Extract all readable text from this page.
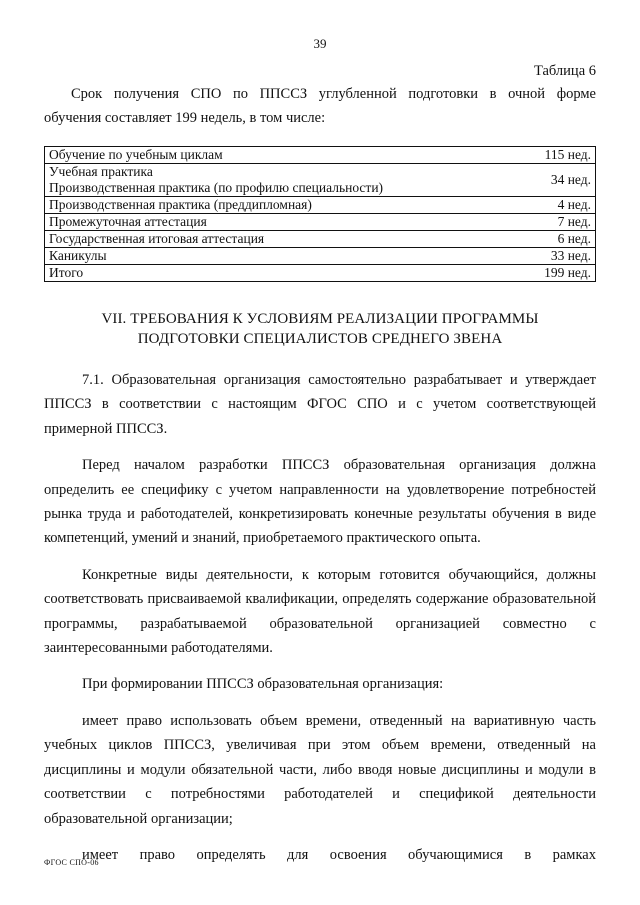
39
Таблица 6
Срок получения СПО по ППССЗ углубленной подготовки в очной форме
обучения составляет 199 недель, в том числе:
Обучение по учебным циклам	115 нед.

Учебная практика
Производственная практика (по профилю специальности)	34 нед.
Производственная практика (преддипломная)	4 нед.
Промежуточная аттестация	7 нед.
Государственная итоговая аттестация	6 нед.
Каникулы	33 нед.
Итого	199 нед.
VII. ТРЕБОВАНИЯ К УСЛОВИЯМ РЕАЛИЗАЦИИ ПРОГРАММЫ
ПОДГОТОВКИ СПЕЦИАЛИСТОВ СРЕДНЕГО ЗВЕНА

7.1. Образовательная организация самостоятельно разрабатывает и утверждает ППССЗ в соответствии с настоящим ФГОС СПО и с учетом соответствующей примерной ППССЗ.

Перед началом разработки ППССЗ образовательная организация должна определить ее специфику с учетом направленности на удовлетворение потребностей рынка труда и работодателей, конкретизировать конечные результаты обучения в виде компетенций, умений и знаний, приобретаемого практического опыта.

Конкретные виды деятельности, к которым готовится обучающийся, должны соответствовать присваиваемой квалификации, определять содержание образовательной программы, разрабатываемой образовательной организацией совместно с заинтересованными работодателями.

При формировании ППССЗ образовательная организация:

имеет право использовать объем времени, отведенный на вариативную часть учебных циклов ППССЗ, увеличивая при этом объем времени, отведенный на дисциплины и модули обязательной части, либо вводя новые дисциплины и модули в соответствии с потребностями работодателей и спецификой деятельности образовательной организации;

имеет право определять для освоения обучающимися в рамках

ФГОС СПО-06
